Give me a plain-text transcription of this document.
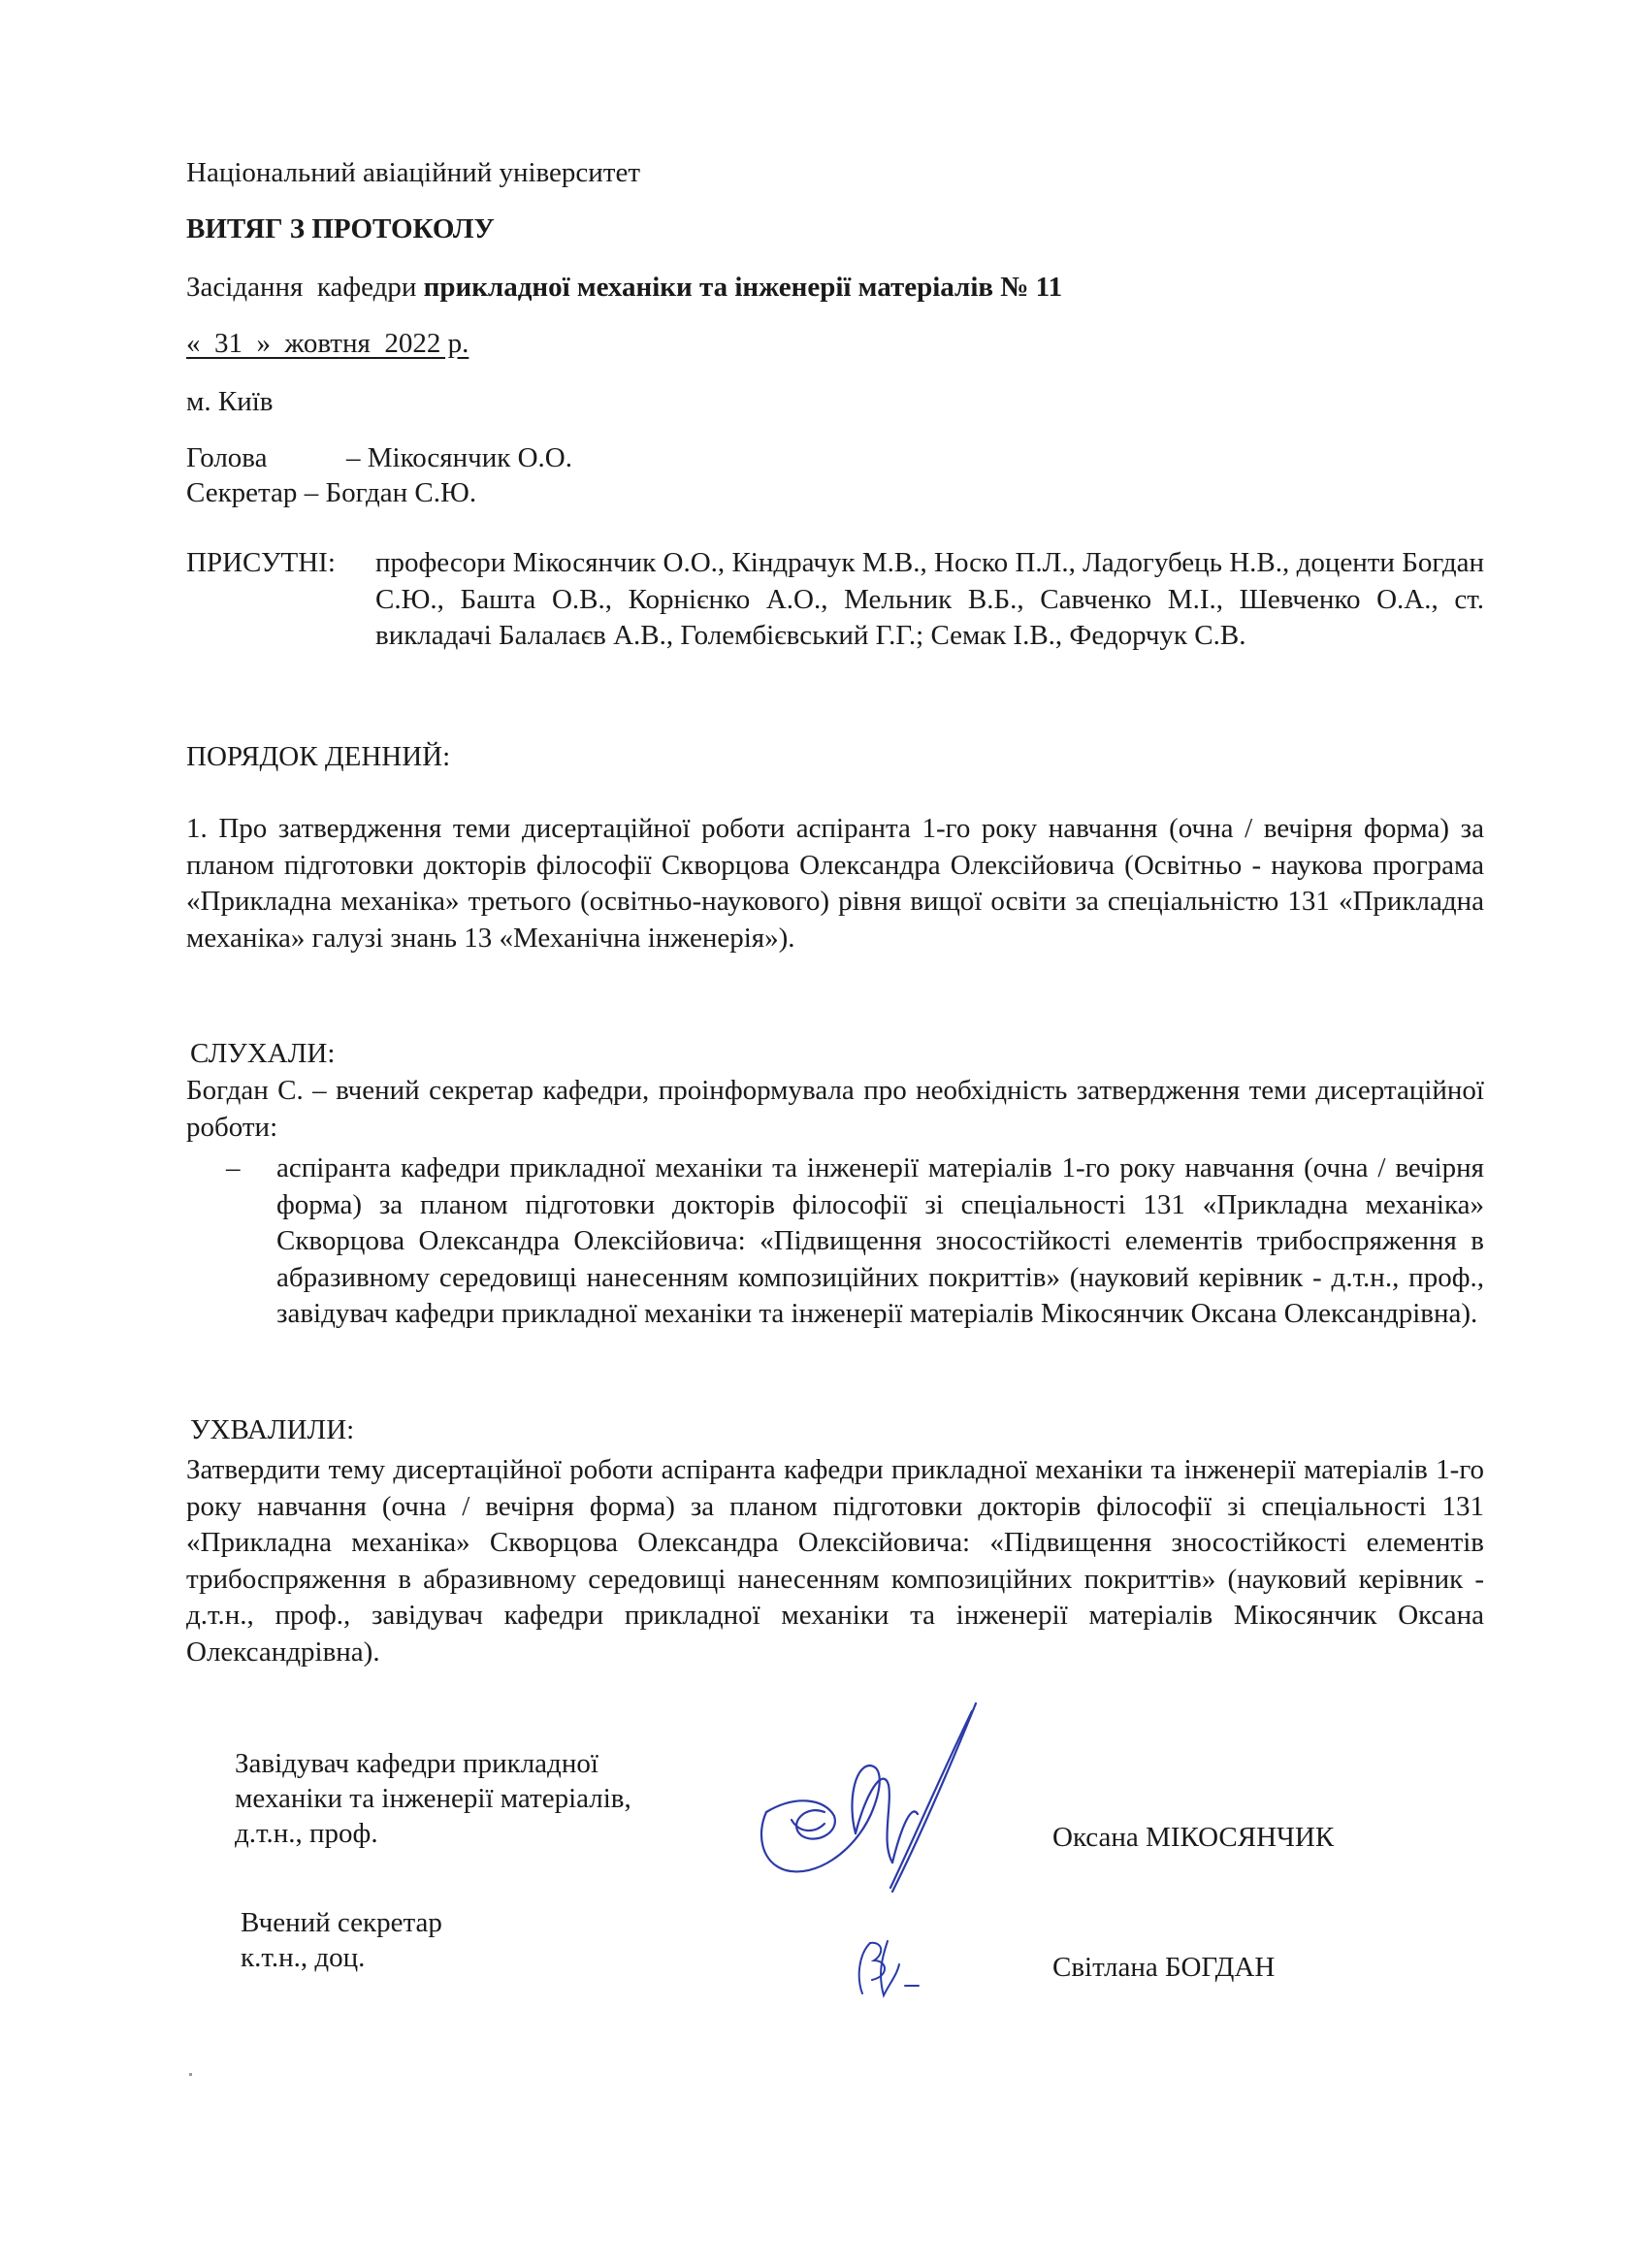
Національний авіаційний університет
ВИТЯГ З ПРОТОКОЛУ
Засідання  кафедри прикладної механіки та інженерії матеріалів № 11
«  31  »  жовтня  2022 р.
м. Київ
Голова	– Мікосянчик О.О.
Секретар – Богдан С.Ю.
ПРИСУТНІ: професори Мікосянчик О.О., Кіндрачук М.В., Носко П.Л., Ладогубець Н.В., доценти Богдан С.Ю., Башта О.В., Корнієнко А.О., Мельник В.Б., Савченко М.І., Шевченко О.А., ст. викладачі Балалаєв А.В., Голембієвський Г.Г.; Семак І.В., Федорчук С.В.
ПОРЯДОК ДЕННИЙ:
1. Про затвердження теми дисертаційної роботи аспіранта 1-го року навчання (очна / вечірня форма) за планом підготовки докторів філософії Скворцова Олександра Олексійовича (Освітньо - наукова програма «Прикладна механіка» третього (освітньо-наукового) рівня вищої освіти за спеціальністю 131 «Прикладна механіка» галузі знань 13 «Механічна інженерія»).
СЛУХАЛИ:
Богдан С. – вчений секретар кафедри, проінформувала про необхідність затвердження теми дисертаційної роботи:
– аспіранта кафедри прикладної механіки та інженерії матеріалів 1-го року навчання (очна / вечірня форма) за планом підготовки докторів філософії зі спеціальності 131 «Прикладна механіка» Скворцова Олександра Олексійовича: «Підвищення зносостійкості елементів трибоспряження в абразивному середовищі нанесенням композиційних покриттів» (науковий керівник - д.т.н., проф., завідувач кафедри прикладної механіки та інженерії матеріалів Мікосянчик Оксана Олександрівна).
УХВАЛИЛИ:
Затвердити тему дисертаційної роботи аспіранта кафедри прикладної механіки та інженерії матеріалів 1-го року навчання (очна / вечірня форма) за планом підготовки докторів філософії зі спеціальності 131 «Прикладна механіка» Скворцова Олександра Олексійовича: «Підвищення зносостійкості елементів трибоспряження в абразивному середовищі нанесенням композиційних покриттів» (науковий керівник - д.т.н., проф., завідувач кафедри прикладної механіки та інженерії матеріалів Мікосянчик Оксана Олександрівна).
Завідувач кафедри прикладної
механіки та інженерії матеріалів,
д.т.н., проф.	Оксана МІКОСЯНЧИК
Вчений секретар
к.т.н., доц.	Світлана БОГДАН
